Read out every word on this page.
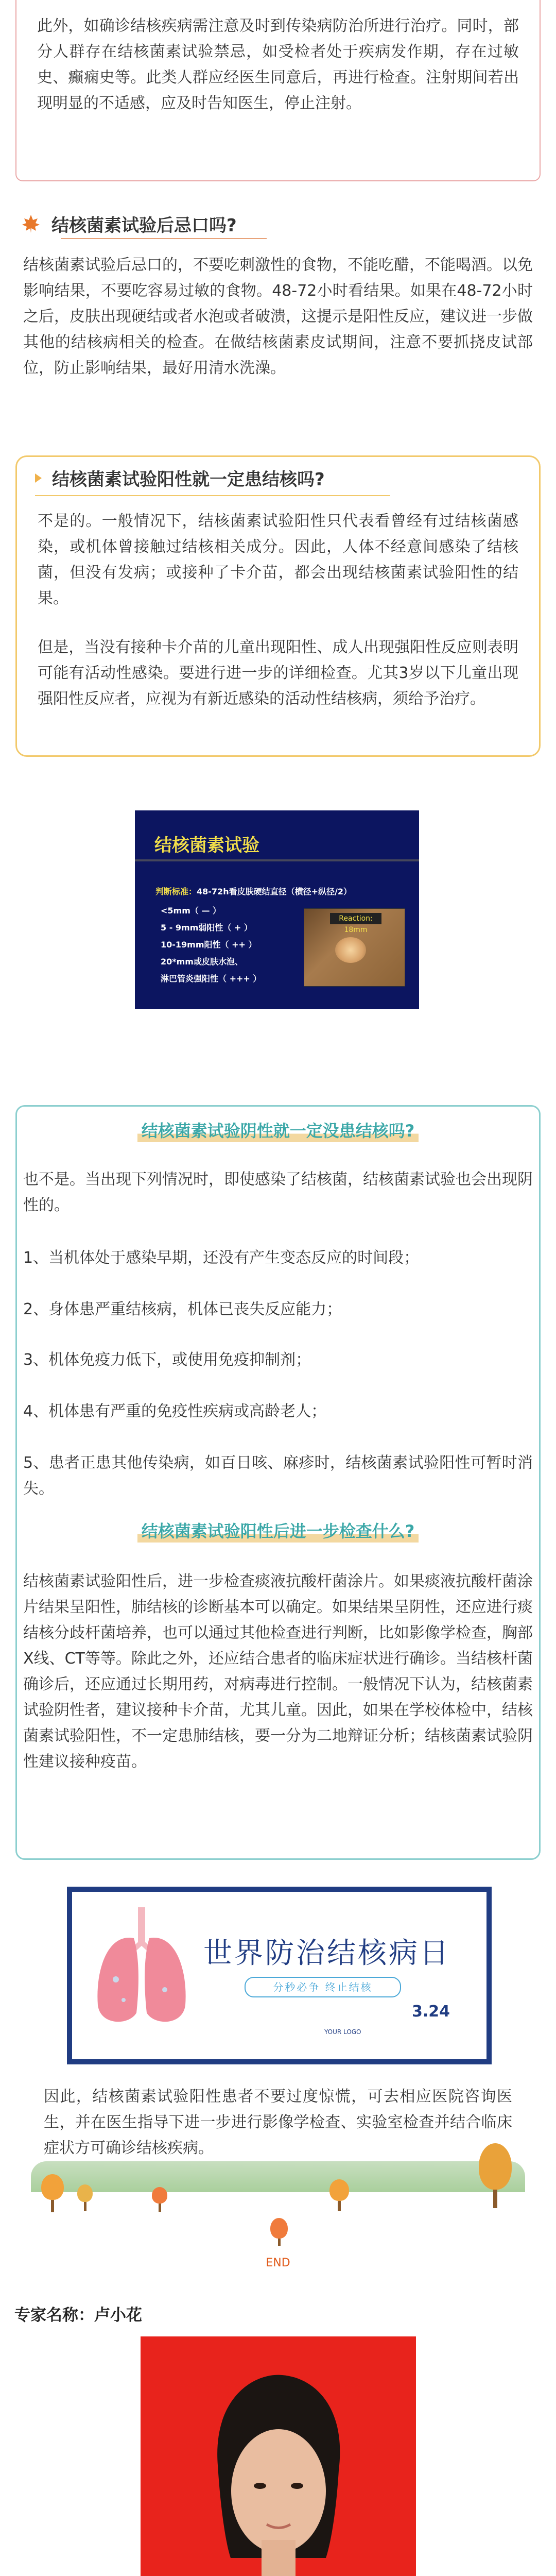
此外，如确诊结核疾病需注意及时到传染病防治所进行治疗。同时，部分人群存在结核菌素试验禁忌，如受检者处于疾病发作期，存在过敏史、癫痫史等。此类人群应经医生同意后，再进行检查。注射期间若出现明显的不适感，应及时告知医生，停止注射。

结核菌素试验后忌口吗?

结核菌素试验后忌口的，不要吃刺激性的食物，不能吃醋，不能喝酒。以免影响结果，不要吃容易过敏的食物。48-72小时看结果。如果在48-72小时之后，皮肤出现硬结或者水泡或者破溃，这提示是阳性反应，建议进一步做其他的结核病相关的检查。在做结核菌素皮试期间，注意不要抓挠皮试部位，防止影响结果，最好用清水洗澡。

结核菌素试验阳性就一定患结核吗?

不是的。一般情况下，结核菌素试验阳性只代表看曾经有过结核菌感染，或机体曾接触过结核相关成分。因此，人体不经意间感染了结核菌，但没有发病；或接种了卡介苗，都会出现结核菌素试验阳性的结果。

但是，当没有接种卡介苗的儿童出现阳性、成人出现强阳性反应则表明可能有活动性感染。要进行进一步的详细检查。尤其3岁以下儿童出现强阳性反应者，应视为有新近感染的活动性结核病，须给予治疗。

结核菌素试验
判断标准：48-72h看皮肤硬结直径（横径+纵径/2）
<5mm（ — ）
5 - 9mm弱阳性（ + ）
10-19mm阳性（ ++ ）
20*mm或皮肤水泡、
淋巴管炎强阳性（ +++ ）
Reaction: 18mm
结核菌素试验阴性就一定没患结核吗?

也不是。当出现下列情况时，即使感染了结核菌，结核菌素试验也会出现阴性的。

1、当机体处于感染早期，还没有产生变态反应的时间段；

2、身体患严重结核病，机体已丧失反应能力；

3、机体免疫力低下，或使用免疫抑制剂；

4、机体患有严重的免疫性疾病或高龄老人；

5、患者正患其他传染病，如百日咳、麻疹时，结核菌素试验阳性可暂时消失。

结核菌素试验阳性后进一步检查什么?

结核菌素试验阳性后，进一步检查痰液抗酸杆菌涂片。如果痰液抗酸杆菌涂片结果呈阳性，肺结核的诊断基本可以确定。如果结果呈阴性，还应进行痰结核分歧杆菌培养，也可以通过其他检查进行判断，比如影像学检查，胸部X线、CT等等。除此之外，还应结合患者的临床症状进行确诊。当结核杆菌确诊后，还应通过长期用药，对病毒进行控制。一般情况下认为，结核菌素试验阴性者，建议接种卡介苗，尤其儿童。因此，如果在学校体检中，结核菌素试验阳性，不一定患肺结核，要一分为二地辩证分析；结核菌素试验阴性建议接种疫苗。

世界防治结核病日
分秒必争 终止结核
3.24
YOUR LOGO

因此，结核菌素试验阳性患者不要过度惊慌，可去相应医院咨询医生，并在医生指导下进一步进行影像学检查、实验室检查并结合临床症状方可确诊结核疾病。

END
专家名称：卢小花
